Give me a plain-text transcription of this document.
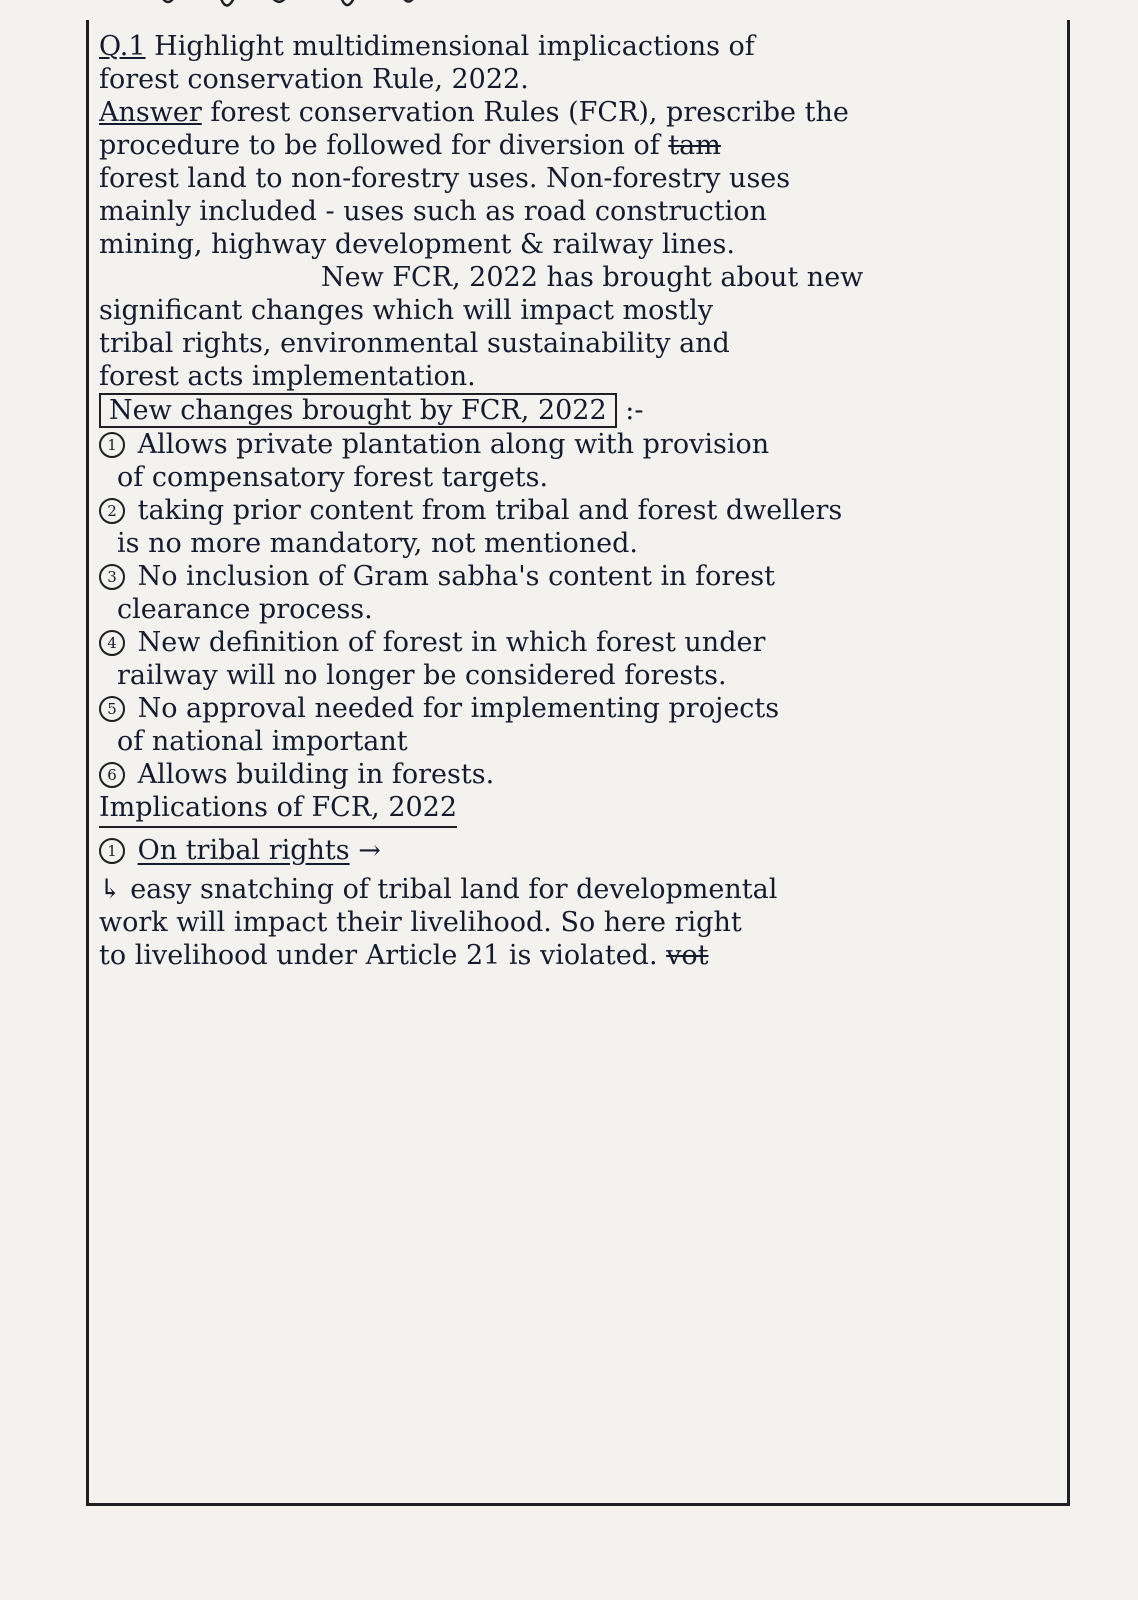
Q.1 Highlight multidimensional implicactions of
forest conservation Rule, 2022.
Answer forest conservation Rules (FCR), prescribe the
procedure to be followed for diversion of tam
forest land to non-forestry uses. Non-forestry uses
mainly included - uses such as road construction
mining, highway development & railway lines.
New FCR, 2022 has brought about new
significant changes which will impact mostly
tribal rights, environmental sustainability and
forest acts implementation.
New changes brought by FCR, 2022 :-
1 Allows private plantation along with provision
of compensatory forest targets.
2 taking prior content from tribal and forest dwellers
is no more mandatory, not mentioned.
3 No inclusion of Gram sabha's content in forest
clearance process.
4 New definition of forest in which forest under
railway will no longer be considered forests.
5 No approval needed for implementing projects
of national important
6 Allows building in forests.
Implications of FCR, 2022
1 On tribal rights →
↳ easy snatching of tribal land for developmental
work will impact their livelihood. So here right
to livelihood under Article 21 is violated. vot
